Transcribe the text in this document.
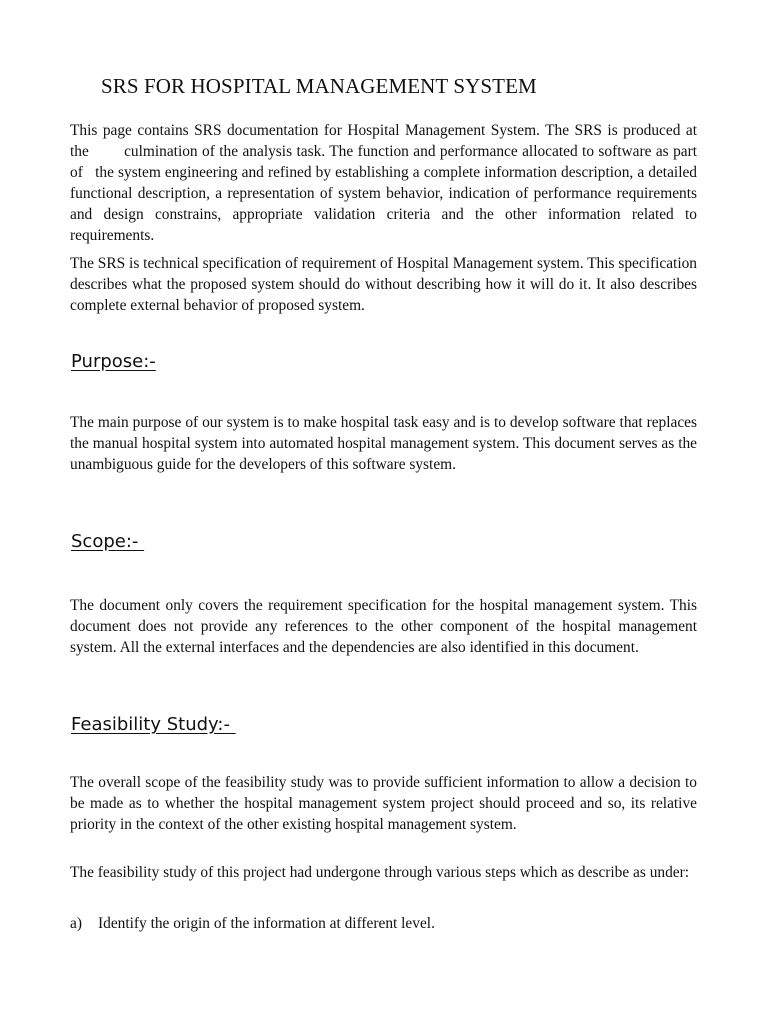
SRS FOR HOSPITAL MANAGEMENT SYSTEM

This page contains SRS documentation for Hospital Management System. The SRS is produced at the        culmination of the analysis task. The function and performance allocated to software as part of   the system engineering and refined by establishing a complete information description, a detailed functional description, a representation of system behavior, indication of performance requirements and design constrains, appropriate validation criteria and the other information related to requirements.

The SRS is technical specification of requirement of Hospital Management system. This specification describes what the proposed system should do without describing how it will do it. It also describes complete external behavior of proposed system.

Purpose:-

The main purpose of our system is to make hospital task easy and is to develop software that replaces the manual hospital system into automated hospital management system. This document serves as the unambiguous guide for the developers of this software system.

Scope:-

The document only covers the requirement specification for the hospital management system. This document does not provide any references to the other component of the hospital management system. All the external interfaces and the dependencies are also identified in this document.

Feasibility Study:-

The overall scope of the feasibility study was to provide sufficient information to allow a decision to be made as to whether the hospital management system project should proceed and so, its relative priority in the context of the other existing hospital management system.

The feasibility study of this project had undergone through various steps which as describe as under:

a) Identify the origin of the information at different level.
